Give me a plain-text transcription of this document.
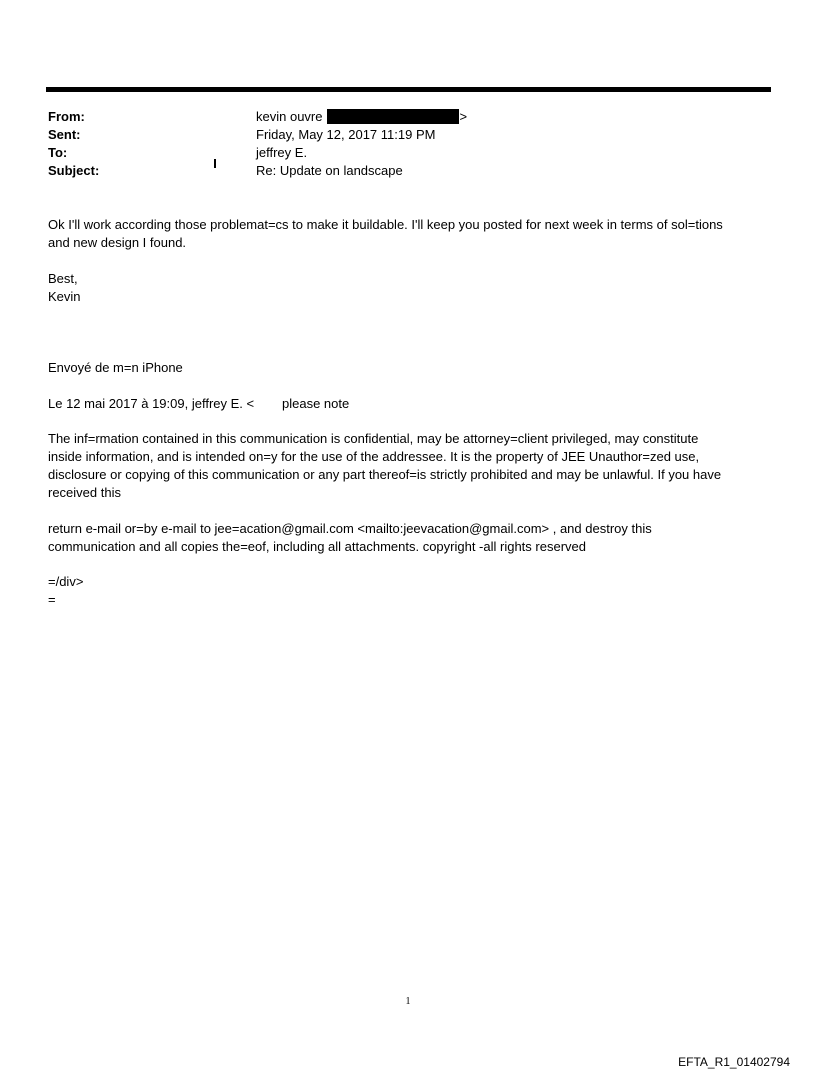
From:	kevin ouvre	>
Sent:	Friday, May 12, 2017 11:19 PM
To:	jeffrey E.
Subject:	Re: Update on landscape
Ok I'll work according those problemat=cs to make it buildable. I'll keep you posted for next week in terms of sol=tions
and new design I found.
Best,
Kevin
Envoyé de m=n iPhone
Le 12 mai 2017 à 19:09, jeffrey E. < please note
The inf=rmation contained in this communication is confidential, may be attorney=client privileged, may constitute
inside information, and is intended on=y for the use of the addressee. It is the property of JEE Unauthor=zed use,
disclosure or copying of this communication or any part thereof=is strictly prohibited and may be unlawful. If you have
received this
return e-mail or=by e-mail to jee=acation@gmail.com <mailto:jeevacation@gmail.com> , and destroy this
communication and all copies the=eof, including all attachments. copyright -all rights reserved
=/div>
=
1
EFTA_R1_01402794
